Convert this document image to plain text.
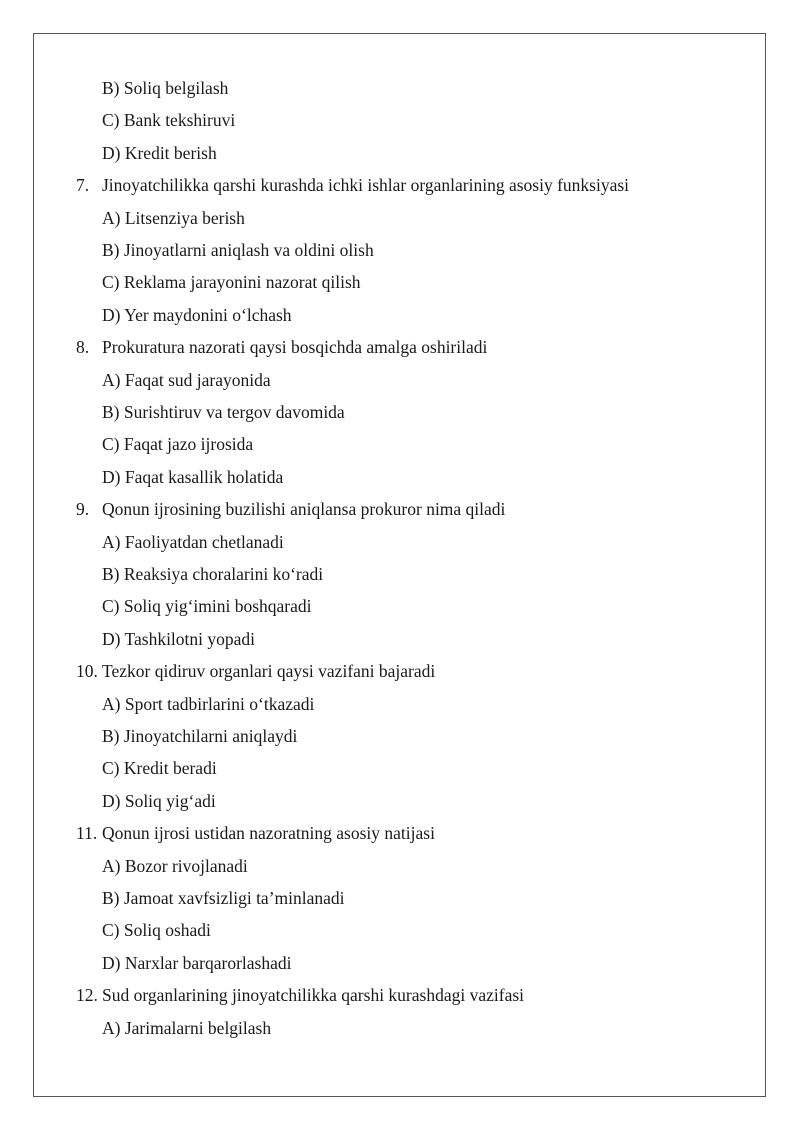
B) Soliq belgilash
C) Bank tekshiruvi
D) Kredit berish
7. Jinoyatchilikka qarshi kurashda ichki ishlar organlarining asosiy funksiyasi
A) Litsenziya berish
B) Jinoyatlarni aniqlash va oldini olish
C) Reklama jarayonini nazorat qilish
D) Yer maydonini o‘lchash
8. Prokuratura nazorati qaysi bosqichda amalga oshiriladi
A) Faqat sud jarayonida
B) Surishtiruv va tergov davomida
C) Faqat jazo ijrosida
D) Faqat kasallik holatida
9. Qonun ijrosining buzilishi aniqlansa prokuror nima qiladi
A) Faoliyatdan chetlanadi
B) Reaksiya choralarini ko‘radi
C) Soliq yig‘imini boshqaradi
D) Tashkilotni yopadi
10. Tezkor qidiruv organlari qaysi vazifani bajaradi
A) Sport tadbirlarini o‘tkazadi
B) Jinoyatchilarni aniqlaydi
C) Kredit beradi
D) Soliq yig‘adi
11. Qonun ijrosi ustidan nazoratning asosiy natijasi
A) Bozor rivojlanadi
B) Jamoat xavfsizligi ta’minlanadi
C) Soliq oshadi
D) Narxlar barqarorlashadi
12. Sud organlarining jinoyatchilikka qarshi kurashdagi vazifasi
A) Jarimalarni belgilash
